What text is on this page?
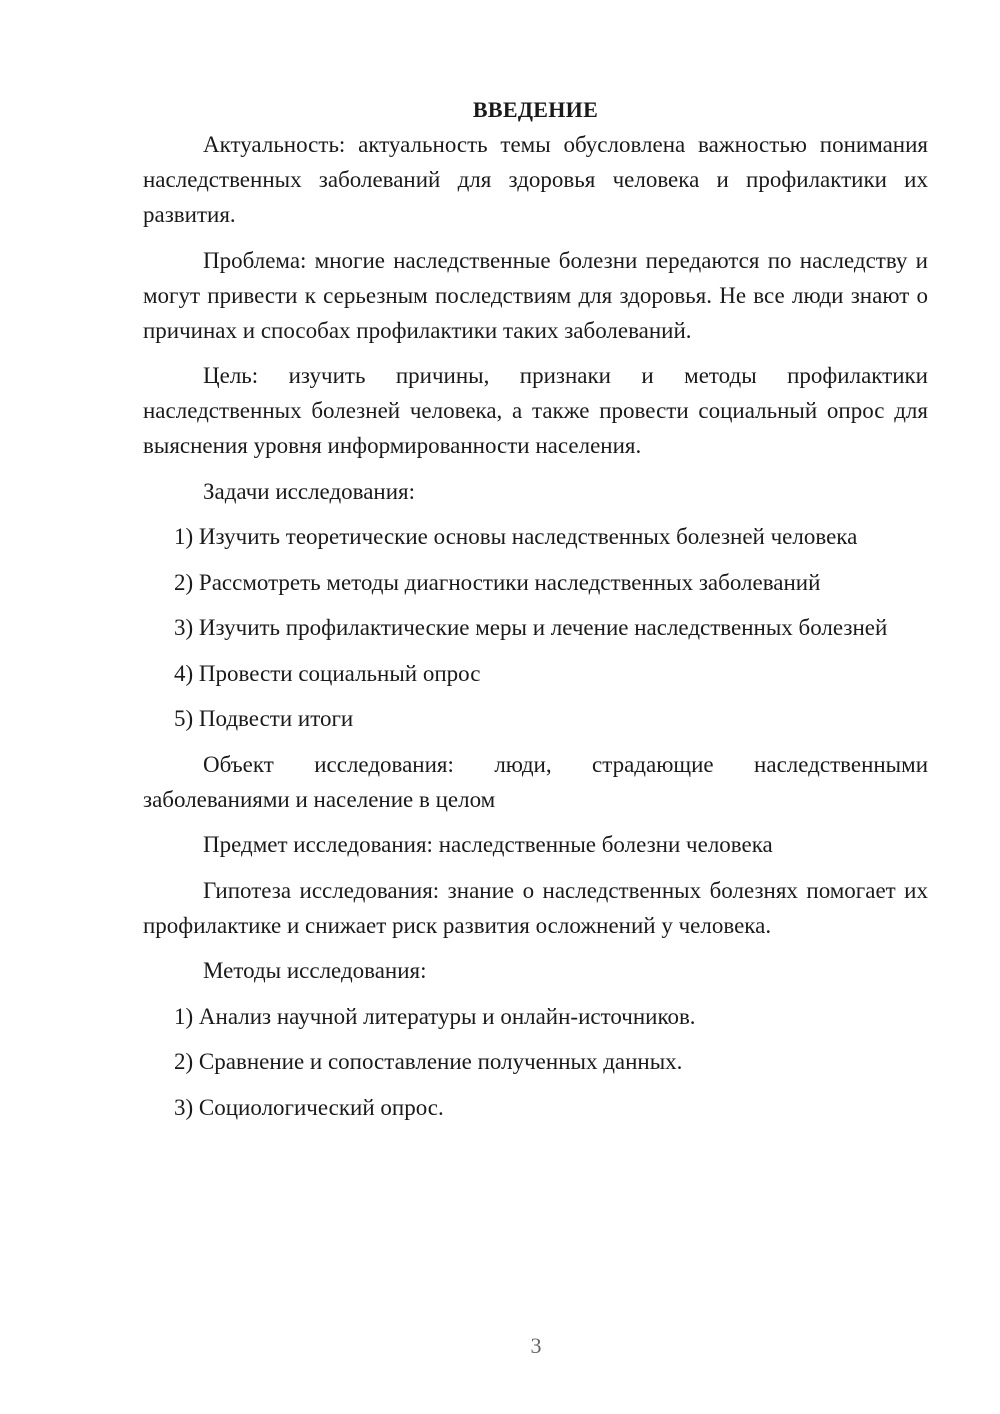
ВВЕДЕНИЕ

Актуальность: актуальность темы обусловлена важностью понимания наследственных заболеваний для здоровья человека и профилактики их развития.

Проблема: многие наследственные болезни передаются по наследству и могут привести к серьезным последствиям для здоровья. Не все люди знают о причинах и способах профилактики таких заболеваний.

Цель: изучить причины, признаки и методы профилактики наследственных болезней человека, а также провести социальный опрос для выяснения уровня информированности населения.

Задачи исследования:

1) Изучить теоретические основы наследственных болезней человека

2) Рассмотреть методы диагностики наследственных заболеваний

3) Изучить профилактические меры и лечение наследственных болезней

4) Провести социальный опрос

5) Подвести итоги

Объект исследования: люди, страдающие наследственными заболеваниями и население в целом

Предмет исследования: наследственные болезни человека

Гипотеза исследования: знание о наследственных болезнях помогает их профилактике и снижает риск развития осложнений у человека.

Методы исследования:

1) Анализ научной литературы и онлайн-источников.

2) Сравнение и сопоставление полученных данных.

3) Социологический опрос.

3
